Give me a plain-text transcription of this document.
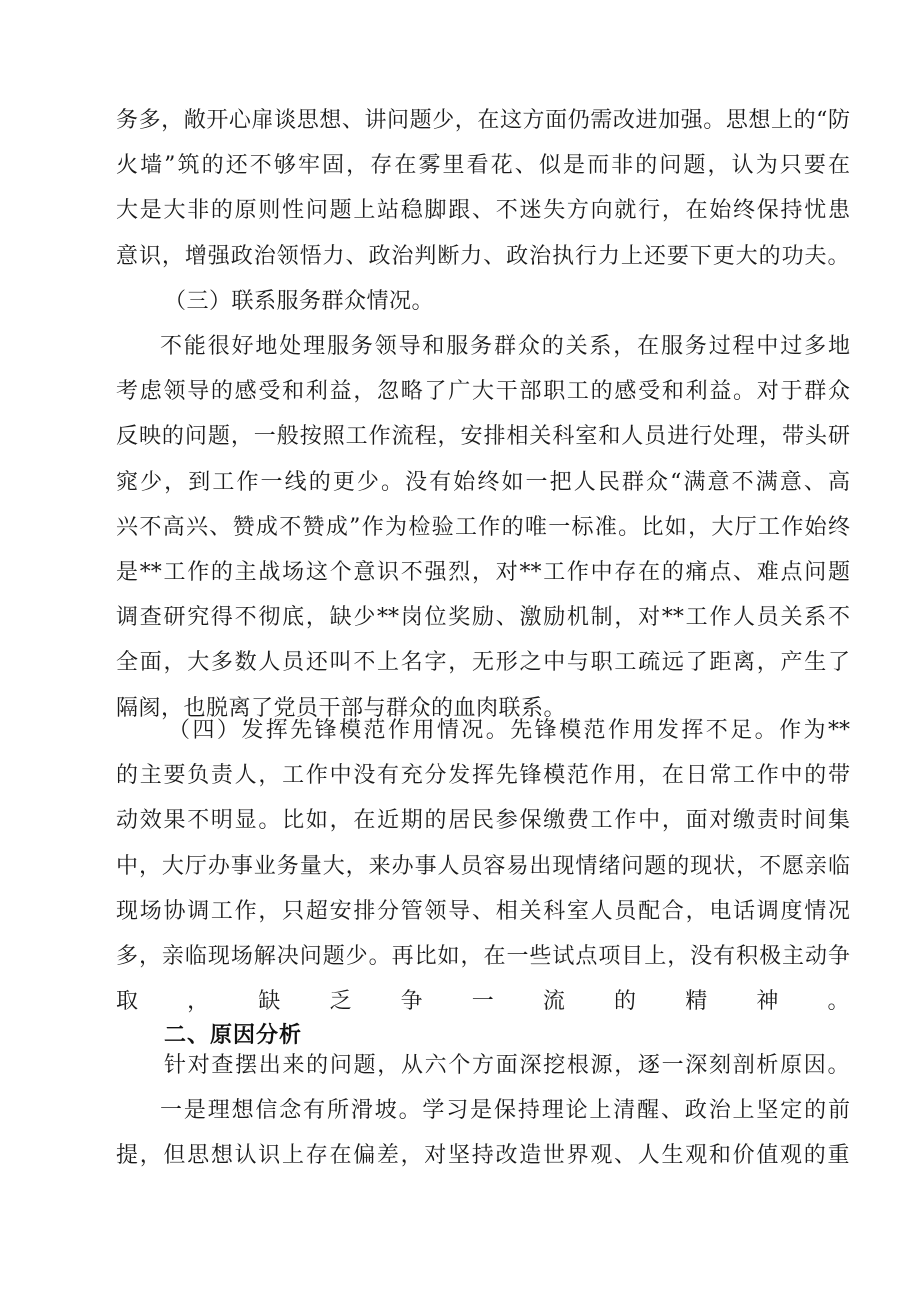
务多，敞开心扉谈思想、讲问题少，在这方面仍需改进加强。思想上的“防
火墙”筑的还不够牢固，存在雾里看花、似是而非的问题，认为只要在
大是大非的原则性问题上站稳脚跟、不迷失方向就行，在始终保持忧患
意识，增强政治领悟力、政治判断力、政治执行力上还要下更大的功夫。
（三）联系服务群众情况。
不能很好地处理服务领导和服务群众的关系，在服务过程中过多地
考虑领导的感受和利益，忽略了广大干部职工的感受和利益。对于群众
反映的问题，一般按照工作流程，安排相关科室和人员进行处理，带头研
窕少，到工作一线的更少。没有始终如一把人民群众“满意不满意、高
兴不高兴、赞成不赞成”作为检验工作的唯一标准。比如，大厅工作始终
是**工作的主战场这个意识不强烈，对**工作中存在的痛点、难点问题
调查研究得不彻底，缺少**岗位奖励、激励机制，对**工作人员关系不
全面，大多数人员还叫不上名字，无形之中与职工疏远了距离，产生了
隔阂，也脱离了党员干部与群众的血肉联系。
（四）发挥先锋模范作用情况。先锋模范作用发挥不足。作为**
的主要负责人，工作中没有充分发挥先锋模范作用，在日常工作中的带
动效果不明显。比如，在近期的居民参保缴费工作中，面对缴责时间集
中，大厅办事业务量大，来办事人员容易出现情绪问题的现状，不愿亲临
现场协调工作，只超安排分管领导、相关科室人员配合，电话调度情况
多，亲临现场解决问题少。再比如，在一些试点项目上，没有积极主动争
取，缺乏争一流的精神。
二、原因分析
针对查摆出来的问题，从六个方面深挖根源，逐一深刻剖析原因。
一是理想信念有所滑坡。学习是保持理论上清醒、政治上坚定的前
提，但思想认识上存在偏差，对坚持改造世界观、人生观和价值观的重
